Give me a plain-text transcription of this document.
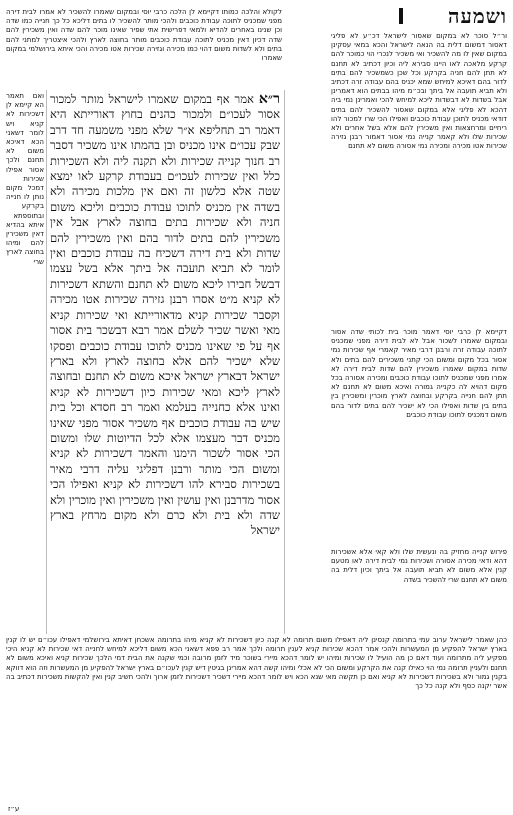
ושמעה
לקולא והלכה כמותו דקיימא לן הלכה כרבי יוסי ובמקום שאמרו להשכיר לא אמרו לבית דירה מפני שמכניס לתוכה עבודת כוכבים ולהכי מותר להשכיר לו בתים דליכא כל כך חנייה כמו שדה וכן שנינו באחרים להדיא ולמאי דפרישית אתי שפיר שאינו מוכר להם שדה ואין משכירין להם שדה דכיון דאין מכניס לתוכה עבודת כוכבים מותר בחוצה לארץ ולהכי איצטריך למתני להם בתים ולא לשדות משום דהוי כמו מכירה וגזירה שכירות אטו מכירה והכי איתא בירושלמי במקום שאמרו
ור״ל סוכר לא במקום שאסור לישראל דכ״ע לא פליגי דאסור דמשום דלית בה הנאה לישראל והכא במאי עסקינן במקום שאין לו מה להשכיר ואי משכיר לנכרי הוי כמוכר להם קרקע מלאכה לאו היינו סבירא ליה וכיון דכתיב לא תחנם לא תתן להם חניה בקרקע וכל שכן כשמשכיר להם בתים לדור בהם דאיכא למיחש שמא יכניס בהם עבודה זרה דכתיב ולא תביא תועבה אל ביתך ובכ״מ מיהו בבתים הוא דאמרינן אבל בשדות לא דבשדות ליכא למיחש להכי ואמרינן נמי ביה דהכא לא פליגי אלא במקום שאסור להשכיר להם בתים דודאי מכניס לתוכן עבודת כוכבים ואפילו הכי שרו למכור להו ריחיים ומרחצאות ואין משכירין להם אלא בשל אחרים ולא שכירות שלו ולא קאמר קנייה נמי אסור דאמור רבנן גזירה שכירות אטו מכירה ומכירה נמי אסורה משום לא תחנם
דקיימא לן כרבי יוסי דאמר מוכר בית לכותי שדה אסור ובמקום שאמרו לשכור אבל לא לבית דירה מפני שמכניס לתוכה עבודה זרה ורבנן דרבי מאיר קאמרי אף שכירות נמי אסור בכל מקום ומשום הכי קתני משכירים להם בתים ולא שדות במקום שאמרו משכירין להם שדות לבית דירה לא אמרו מפני שמכניס לתוכו עבודת כוכבים ומכירה אסורה בכל מקום דהויא לה כקנייה גמורה ואיכא משום לא תחנם לא תתן להם חנייה בקרקע ובחוצה לארץ מוכרין ומשכירין בין בתים בין שדות ואפילו הכי לא ישכיר להם בתים לדור בהם משום דמכניס לתוכו עבודת כוכבים
פירוש קנייה מחזיק בה ונעשית שלו ולא קאי אלא אשכירות דהא ודאי מכירה אסורה ושכירות נמי לבית דירה לאו מטעם קנין אלא משום לא תביא תועבה אל ביתך וכיון דלית בה משום לא תחנם שרי להשכיר בשדה
ר״א אמר אף במקום שאמרו לישראל מותר למכור אסור לעכו״ם ולמכור כהנים בחוץ דאורייתא היא דאמר רב תחליפא א״ר שלא מפני משמעה חד דרב שבק עכו״ם אינו מכניס ובן בהמתו אינו משכיר דסבר רב חנוך קנייה שכירות ולא תקנה ליה ולא השכירות כלל ואין שכירות לעכו״ם בעבודת קרקע לאו ימצא שטה אלא כלשון זה ואם אין מלכות מכירה ולא בשדה אין מכניס לתוכו עבודת כוכבים וליכא משום חניה ולא שכירות בתים בחוצה לארץ אבל אין משכירין להם בתים לדור בהם ואין משכירין להם שדות ולא בית דירה דשכיח בה עבודת כוכבים ואין לומר לא תביא תועבה אל ביתך אלא בשל עצמו דבשל חבירו ליכא משום לא תחנם והשתא דשכירות לא קניא מ״ט אסרו רבנן גזירה שכירות אטו מכירה וקסבר שכירות קניא מדאורייתא ואי שכירות קניא מאי ואשר שכיר לשלם אמר רבא דבשכר בית אסור אף על פי שאינו מכניס לתוכו עבודת כוכבים ופסקו שלא ישכיר להם אלא בחוצה לארץ ולא בארץ ישראל דבארץ ישראל איכא משום לא תחנם ובחוצה לארץ ליכא ומאי שכירות כיון דשכירות לא קניא ואינו אלא כחנייה בעלמא ואמר רב חסדא וכל בית שיש בה עבודת כוכבים אף משכיר אסור מפני שאינו מכניס דבר מעצמו אלא לכל הדיוטות שלו ומשום הכי אסור לשכור הימנו והאמר דשכירות לא קניא ומשום הכי מותר ורבנן דפליגי עליה דרבי מאיר בשכירות סבירא להו דשכירות לא קניא ואפילו הכי אסור מדרבנן ואין עושין ואין משכירין ואין מוכרין ולא שדה ולא בית ולא כרם ולא מקום מרחץ בארץ ישראל
ואם תאמר הא קיימא לן דשכירות לא קניא ויש לומר דשאני הכא דאיכא משום לא תחנם ולכך אסור אפילו שכירות דמכל מקום נותן לו חנייה בקרקע ובתוספתא איתא בהדיא דאין משכירין להם ומיהו בחוצה לארץ שרי
כהן שאמר לישראל ערוב עמי בתרומה קנסינן ליה דאפילו משום תרומה לא קנה כיון דשכירות לא קניא מיהו בתרומה אשכחן דאיתא בירושלמי דאפילו עכו״ם יש לו קנין בארץ ישראל להפקיע מן המעשרות ולהכי אמר דהכא שכירות קניא לענין תרומה ולכך אמר רב פפא דשאני הכא משום דליכא למיחש לחנייה דאי שכירות לא קניא היכי מפקיע ליה מתרומה ועוד דאם כן מה הועיל לו שכירות ומיהו יש לומר דהכא מיירי בשוכר מיד לזמן מרובה וכמי שקנה את הבית דמי הלכך שכירות קניא ואיכא משום לא תחנם ולעניין תרומה נמי הוי כאילו קנה את הקרקע ומשום הכי לא אכלי ומיהו קשה דהא אמרינן בגיטין דיש קנין לעכו״ם בארץ ישראל להפקיע מן המעשרות וזה הוא דווקא בקנין גמור ולא בשכירות דשכירות לא קניא ואם כן תקשה מאי שנא הכא ויש לומר דהכא מיירי דשכיר דשכירות לזמן ארוך ולהכי חשיב קנין ואין להקשות משכירות דכתיב בה אשר יקנה כסף ולא קנה כל כך
ע״ז
